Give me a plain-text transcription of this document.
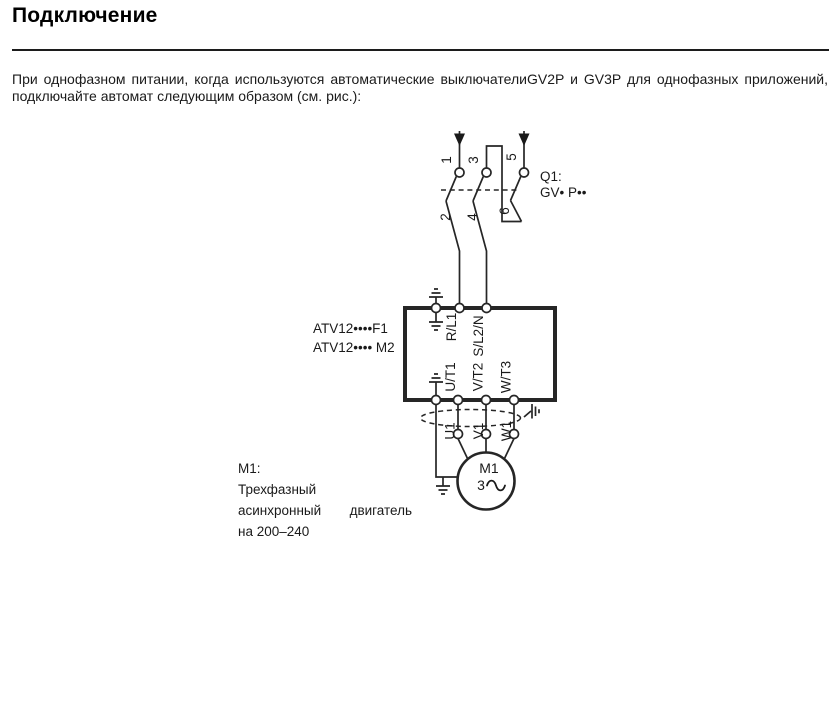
Подключение
При однофазном питании, когда используются автоматические выключателиGV2P и GV3P для однофазных приложений,
подключайте автомат следующим образом (см. рис.):
1 3 5
2 4
6
R/L1 S/L2/N
U/T1 V/T2 W/T3
U1 V1 W1
M1
3
Q1:
GV• P••
ATV12••••F1
ATV12•••• M2
M1:
Трехфазный
асинхронный двигатель
на 200–240
